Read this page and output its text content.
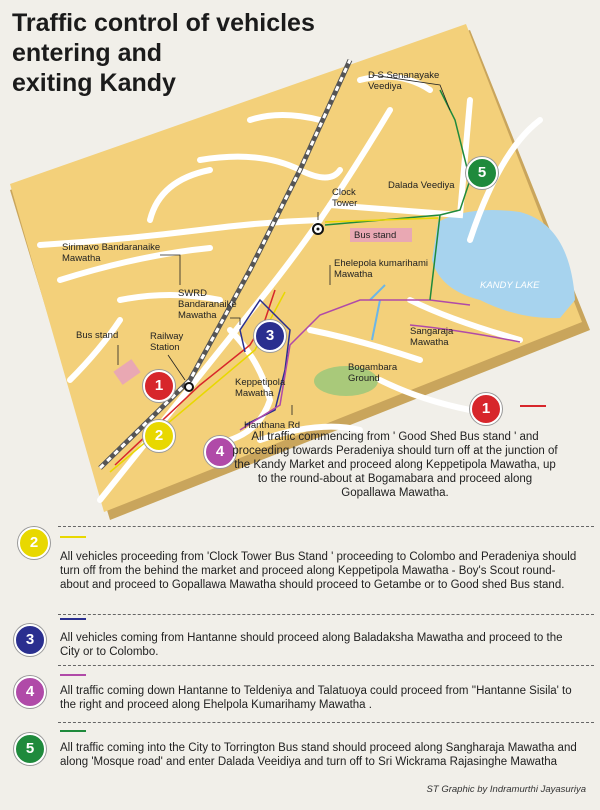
Traffic control of vehicles
entering and
exiting Kandy	D S Senanayake
Veediya
Clock
Tower
Dalada Veediya
Sirimavo Bandaranaike
Mawatha
Bus stand
Ehelepola kumarihami
Mawatha
KANDY LAKE
SWRD
Bandaranaike
Mawatha
Bus stand	Railway
Station
Sangaraja
Mawatha
Bogambara
Ground
Keppetipola
Mawatha
Hanthana Rd
1
2
3
4
5
1
All traffic commencing from ' Good Shed Bus stand ' and proceeding towards Peradeniya should turn off at the junction of the Kandy Market and proceed along Keppetipola Mawatha, up to the round-about at Bogamabara and proceed along Gopallawa Mawatha.
2
All vehicles proceeding from 'Clock Tower Bus Stand ' proceeding to Colombo and Peradeniya should turn off from the behind the market and proceed along Keppetipola Mawatha - Boy's Scout round-about and proceed to Gopallawa Mawatha should proceed to Getambe or to Good shed Bus stand.
3	All vehicles coming from Hantanne should proceed along Baladaksha Mawatha and proceed to the City or to Colombo.
4	All traffic coming down Hantanne to Teldeniya and Talatuoya could proceed from ''Hantanne Sisila' to the right and proceed along Ehelpola Kumarihamy Mawatha .
5	All traffic coming into the City to Torrington Bus stand should proceed along Sangharaja Mawatha and along 'Mosque road' and enter Dalada Veeidiya and turn off to Sri Wickrama Rajasinghe Mawatha
ST Graphic by Indramurthi Jayasuriya
